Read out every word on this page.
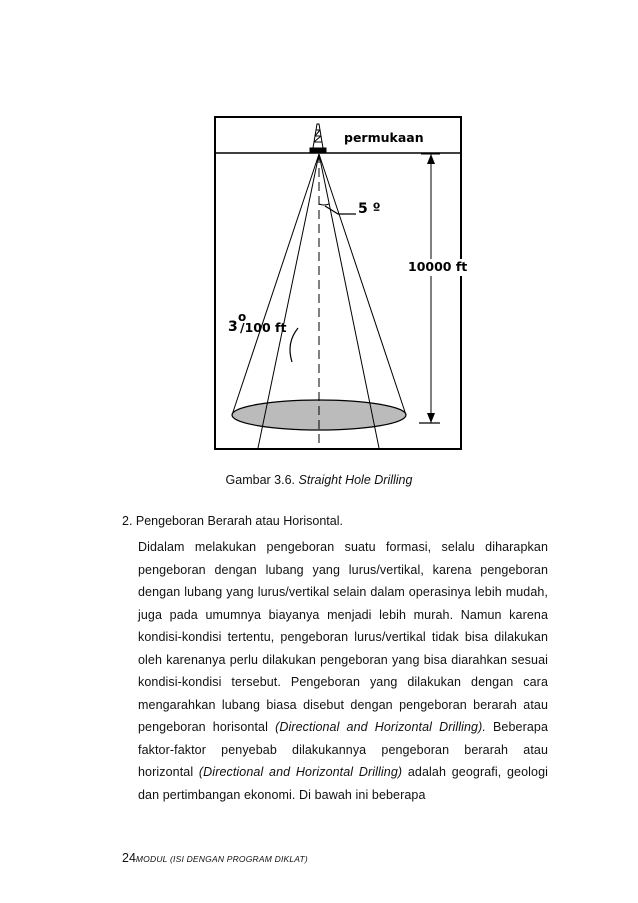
permukaan
5 º
10000 ft
3
o
/100 ft
Gambar 3.6. Straight Hole Drilling
2. Pengeboran Berarah atau Horisontal.
Didalam melakukan pengeboran suatu formasi, selalu diharapkan pengeboran dengan lubang yang lurus/vertikal, karena pengeboran dengan lubang yang lurus/vertikal selain dalam operasinya lebih mudah, juga pada umumnya biayanya menjadi lebih murah. Namun karena kondisi-kondisi tertentu, pengeboran lurus/vertikal tidak bisa dilakukan oleh karenanya perlu dilakukan pengeboran yang bisa diarahkan sesuai kondisi-kondisi tersebut. Pengeboran yang dilakukan dengan cara mengarahkan lubang biasa disebut dengan pengeboran berarah atau pengeboran horisontal (Directional and Horizontal Drilling). Beberapa faktor-faktor penyebab dilakukannya pengeboran berarah atau horizontal (Directional and Horizontal Drilling) adalah geografi, geologi dan pertimbangan ekonomi. Di bawah ini beberapa
24MODUL (ISI DENGAN PROGRAM DIKLAT)
